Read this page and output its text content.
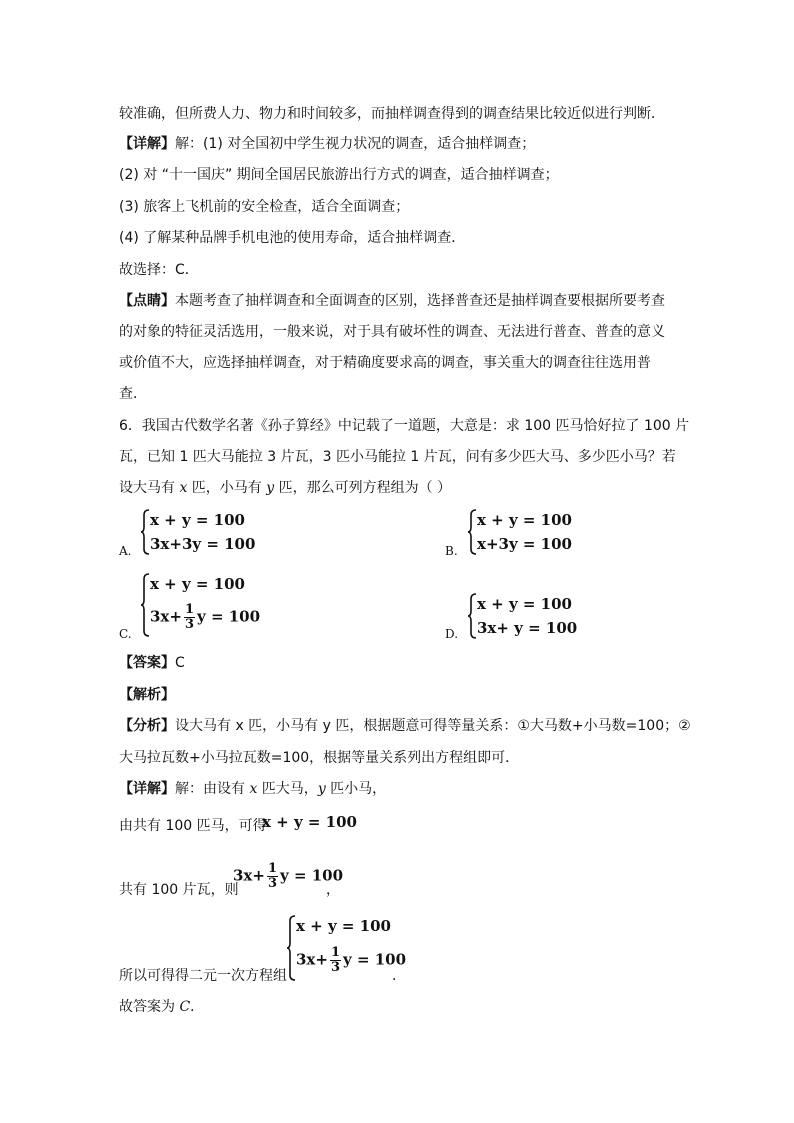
较准确，但所费人力、物力和时间较多，而抽样调查得到的调查结果比较近似进行判断．
【详解】解：(1) 对全国初中学生视力状况的调查，适合抽样调查；
(2) 对 “十一国庆” 期间全国居民旅游出行方式的调查，适合抽样调查；
(3) 旅客上飞机前的安全检查，适合全面调查；
(4) 了解某种品牌手机电池的使用寿命，适合抽样调查．
故选择：C．
【点睛】本题考查了抽样调查和全面调查的区别，选择普查还是抽样调查要根据所要考查
的对象的特征灵活选用，一般来说，对于具有破坏性的调查、无法进行普查、普查的意义
或价值不大，应选择抽样调查，对于精确度要求高的调查，事关重大的调查往往选用普
查．
6．我国古代数学名著《孙子算经》中记载了一道题，大意是：求 100 匹马恰好拉了 100 片
瓦，已知 1 匹大马能拉 3 片瓦，3 匹小马能拉 1 片瓦，问有多少匹大马、多少匹小马？若
设大马有 x 匹，小马有 y 匹，那么可列方程组为（ ）
x + y = 100
3x+3y = 100
A.
x + y = 100
x+3y = 100
B.
x + y = 100
$3x+ \frac{1}{3}$ y = 100
C.
x + y = 100
3x+ y = 100
D.
【答案】C
【解析】
【分析】设大马有 x 匹，小马有 y 匹，根据题意可得等量关系：①大马数+小马数=100；②
大马拉瓦数+小马拉瓦数=100，根据等量关系列出方程组即可．
【详解】解：由设有 x 匹大马，y 匹小马，
由共有 100 匹马，可得
x + y = 100
共有 100 片瓦，则
$3x+ \frac{1}{3}$ y = 100
，
所以可得得二元一次方程组
x + y = 100
$3x+ \frac{1}{3}$ y = 100
．
故答案为 C．
